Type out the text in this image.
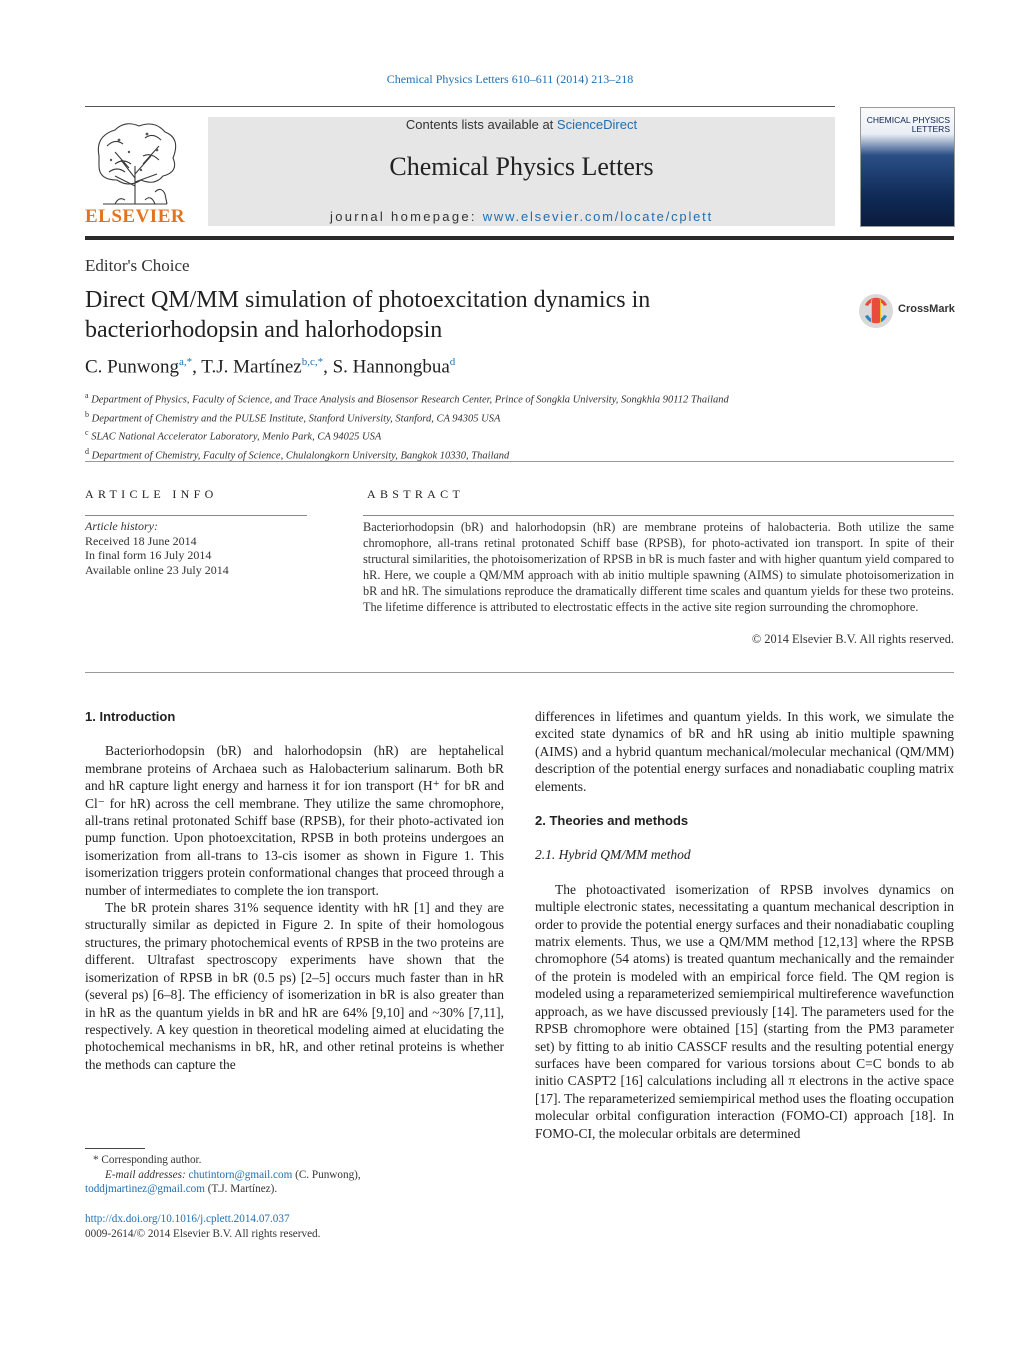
Chemical Physics Letters 610–611 (2014) 213–218
ELSEVIER
Contents lists available at ScienceDirect
Chemical Physics Letters
journal homepage: www.elsevier.com/locate/cplett
CHEMICAL PHYSICS LETTERS
Editor's Choice
Direct QM/MM simulation of photoexcitation dynamics in bacteriorhodopsin and halorhodopsin
CrossMark
C. Punwong$^{a,*}$, T.J. Martínez$^{b,c,*}$, S. Hannongbua$^d$
$^a$ Department of Physics, Faculty of Science, and Trace Analysis and Biosensor Research Center, Prince of Songkla University, Songkhla 90112 Thailand
$^b$ Department of Chemistry and the PULSE Institute, Stanford University, Stanford, CA 94305 USA
$^c$ SLAC National Accelerator Laboratory, Menlo Park, CA 94025 USA
$^d$ Department of Chemistry, Faculty of Science, Chulalongkorn University, Bangkok 10330, Thailand
ARTICLE INFO	ABSTRACT
Article history:
Received 18 June 2014
In final form 16 July 2014
Available online 23 July 2014
Bacteriorhodopsin (bR) and halorhodopsin (hR) are membrane proteins of halobacteria. Both utilize the same chromophore, all-trans retinal protonated Schiff base (RPSB), for photo-activated ion transport. In spite of their structural similarities, the photoisomerization of RPSB in bR is much faster and with higher quantum yield compared to hR. Here, we couple a QM/MM approach with ab initio multiple spawning (AIMS) to simulate photoisomerization in bR and hR. The simulations reproduce the dramatically different time scales and quantum yields for these two proteins. The lifetime difference is attributed to electrostatic effects in the active site region surrounding the chromophore.
© 2014 Elsevier B.V. All rights reserved.
1. Introduction

Bacteriorhodopsin (bR) and halorhodopsin (hR) are heptahelical membrane proteins of Archaea such as Halobacterium salinarum. Both bR and hR capture light energy and harness it for ion transport (H⁺ for bR and Cl⁻ for hR) across the cell membrane. They utilize the same chromophore, all-trans retinal protonated Schiff base (RPSB), for their photo-activated ion pump function. Upon photoexcitation, RPSB in both proteins undergoes an isomerization from all-trans to 13-cis isomer as shown in Figure 1. This isomerization triggers protein conformational changes that proceed through a number of intermediates to complete the ion transport.

The bR protein shares 31% sequence identity with hR [1] and they are structurally similar as depicted in Figure 2. In spite of their homologous structures, the primary photochemical events of RPSB in the two proteins are different. Ultrafast spectroscopy experiments have shown that the isomerization of RPSB in bR (0.5 ps) [2–5] occurs much faster than in hR (several ps) [6–8]. The efficiency of isomerization in bR is also greater than in hR as the quantum yields in bR and hR are 64% [9,10] and ~30% [7,11], respectively. A key question in theoretical modeling aimed at elucidating the photochemical mechanisms in bR, hR, and other retinal proteins is whether the methods can capture the

differences in lifetimes and quantum yields. In this work, we simulate the excited state dynamics of bR and hR using ab initio multiple spawning (AIMS) and a hybrid quantum mechanical/molecular mechanical (QM/MM) description of the potential energy surfaces and nonadiabatic coupling matrix elements.

2. Theories and methods
2.1. Hybrid QM/MM method

The photoactivated isomerization of RPSB involves dynamics on multiple electronic states, necessitating a quantum mechanical description in order to provide the potential energy surfaces and their nonadiabatic coupling matrix elements. Thus, we use a QM/MM method [12,13] where the RPSB chromophore (54 atoms) is treated quantum mechanically and the remainder of the protein is modeled with an empirical force field. The QM region is modeled using a reparameterized semiempirical multireference wavefunction approach, as we have discussed previously [14]. The parameters used for the RPSB chromophore were obtained [15] (starting from the PM3 parameter set) by fitting to ab initio CASSCF results and the resulting potential energy surfaces have been compared for various torsions about C=C bonds to ab initio CASPT2 [16] calculations including all π electrons in the active space [17]. The reparameterized semiempirical method uses the floating occupation molecular orbital configuration interaction (FOMO-CI) approach [18]. In FOMO-CI, the molecular orbitals are determined

* Corresponding author.
E-mail addresses: chutintorn@gmail.com (C. Punwong),
toddjmartinez@gmail.com (T.J. Martínez).
http://dx.doi.org/10.1016/j.cplett.2014.07.037
0009-2614/© 2014 Elsevier B.V. All rights reserved.
